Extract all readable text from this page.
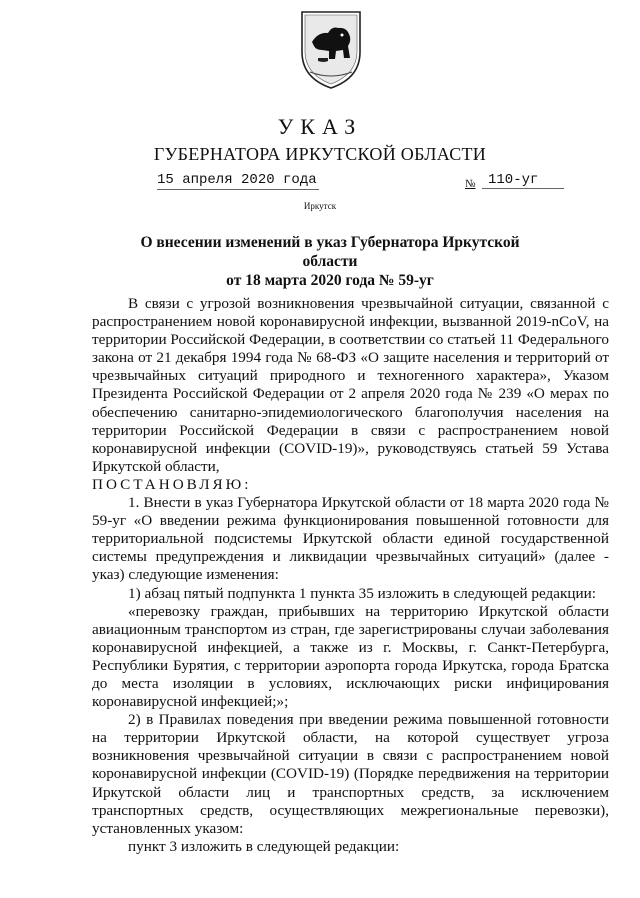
УКАЗ
ГУБЕРНАТОРА ИРКУТСКОЙ ОБЛАСТИ
15 апреля 2020 года	№ 110-уг
Иркутск
О внесении изменений в указ Губернатора Иркутской области
от 18 марта 2020 года № 59-уг

В связи с угрозой возникновения чрезвычайной ситуации, связанной с распространением новой коронавирусной инфекции, вызванной 2019-nCoV, на территории Российской Федерации, в соответствии со статьей 11 Федерального закона от 21 декабря 1994 года № 68-ФЗ «О защите населения и территорий от чрезвычайных ситуаций природного и техногенного характера», Указом Президента Российской Федерации от 2 апреля 2020 года № 239 «О мерах по обеспечению санитарно-эпидемиологического благополучия населения на территории Российской Федерации в связи с распространением новой коронавирусной инфекции (COVID-19)», руководствуясь статьей 59 Устава Иркутской области,

ПОСТАНОВЛЯЮ:

1. Внести в указ Губернатора Иркутской области от 18 марта 2020 года № 59-уг «О введении режима функционирования повышенной готовности для территориальной подсистемы Иркутской области единой государственной системы предупреждения и ликвидации чрезвычайных ситуаций» (далее - указ) следующие изменения:

1) абзац пятый подпункта 1 пункта 35 изложить в следующей редакции:

«перевозку граждан, прибывших на территорию Иркутской области авиационным транспортом из стран, где зарегистрированы случаи заболевания коронавирусной инфекцией, а также из г. Москвы, г. Санкт-Петербурга, Республики Бурятия, с территории аэропорта города Иркутска, города Братска до места изоляции в условиях, исключающих риски инфицирования коронавирусной инфекцией;»;

2) в Правилах поведения при введении режима повышенной готовности на территории Иркутской области, на которой существует угроза возникновения чрезвычайной ситуации в связи с распространением новой коронавирусной инфекции (COVID-19) (Порядке передвижения на территории Иркутской области лиц и транспортных средств, за исключением транспортных средств, осуществляющих межрегиональные перевозки), установленных указом:

пункт 3 изложить в следующей редакции:
